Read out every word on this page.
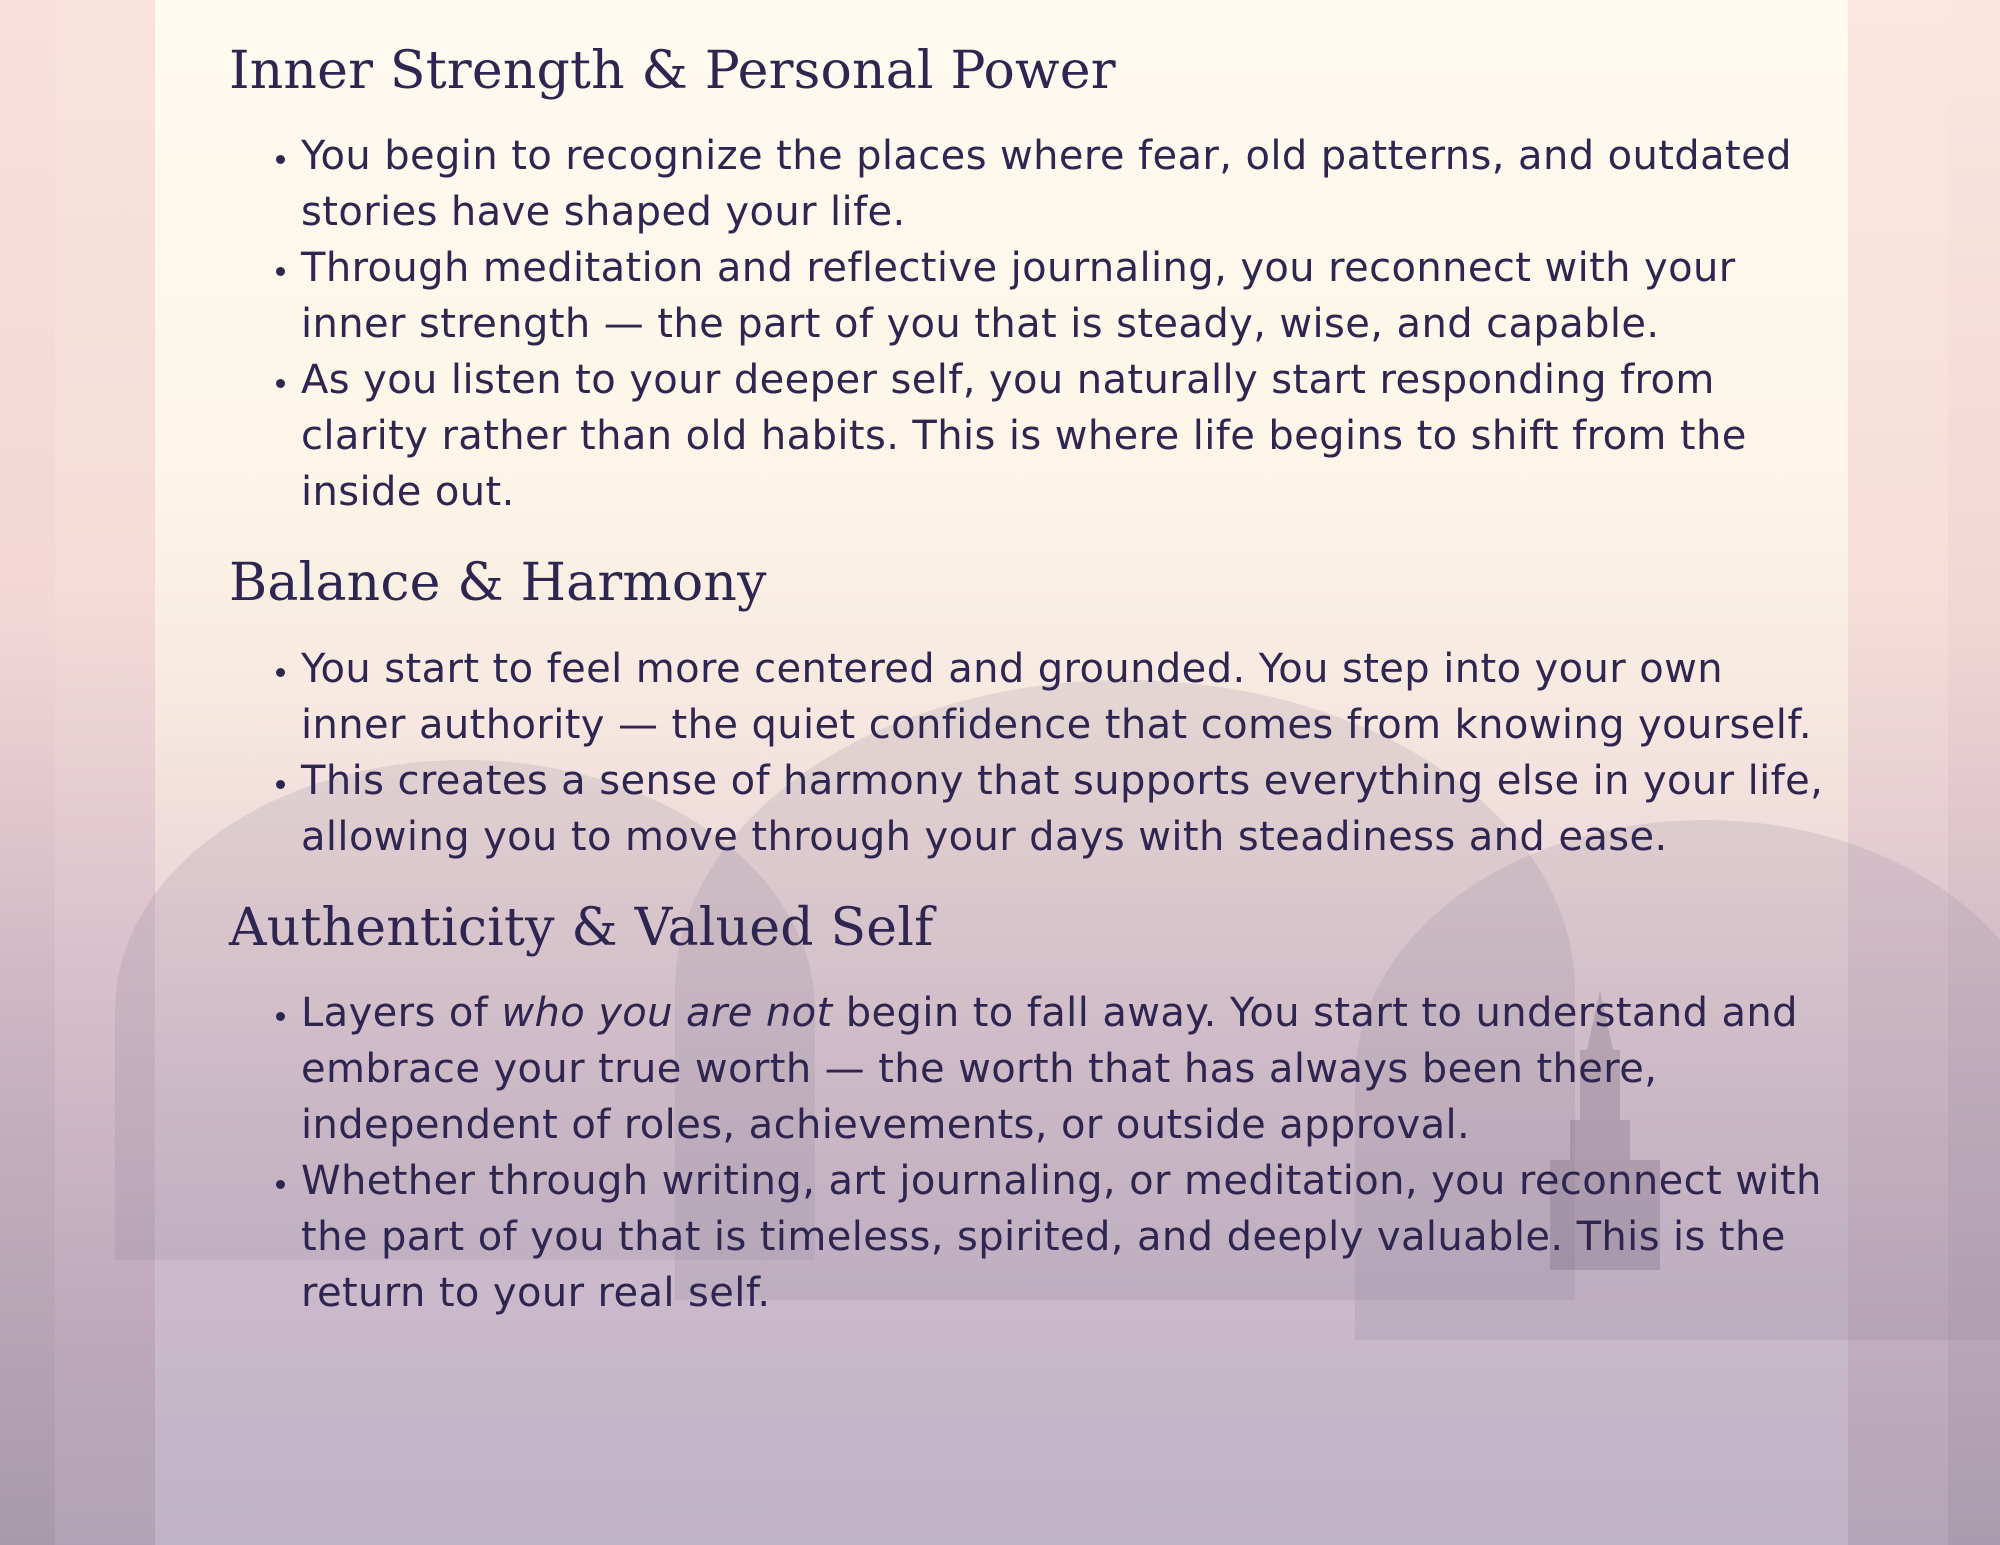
Inner Strength & Personal Power
• You begin to recognize the places where fear, old patterns, and outdated stories have shaped your life.
• Through meditation and reflective journaling, you reconnect with your inner strength — the part of you that is steady, wise, and capable.
• As you listen to your deeper self, you naturally start responding from clarity rather than old habits. This is where life begins to shift from the inside out.
Balance & Harmony
• You start to feel more centered and grounded. You step into your own inner authority — the quiet confidence that comes from knowing yourself.
• This creates a sense of harmony that supports everything else in your life, allowing you to move through your days with steadiness and ease.
Authenticity & Valued Self
• Layers of who you are not begin to fall away. You start to understand and embrace your true worth — the worth that has always been there, independent of roles, achievements, or outside approval.
• Whether through writing, art journaling, or meditation, you reconnect with the part of you that is timeless, spirited, and deeply valuable. This is the return to your real self.
